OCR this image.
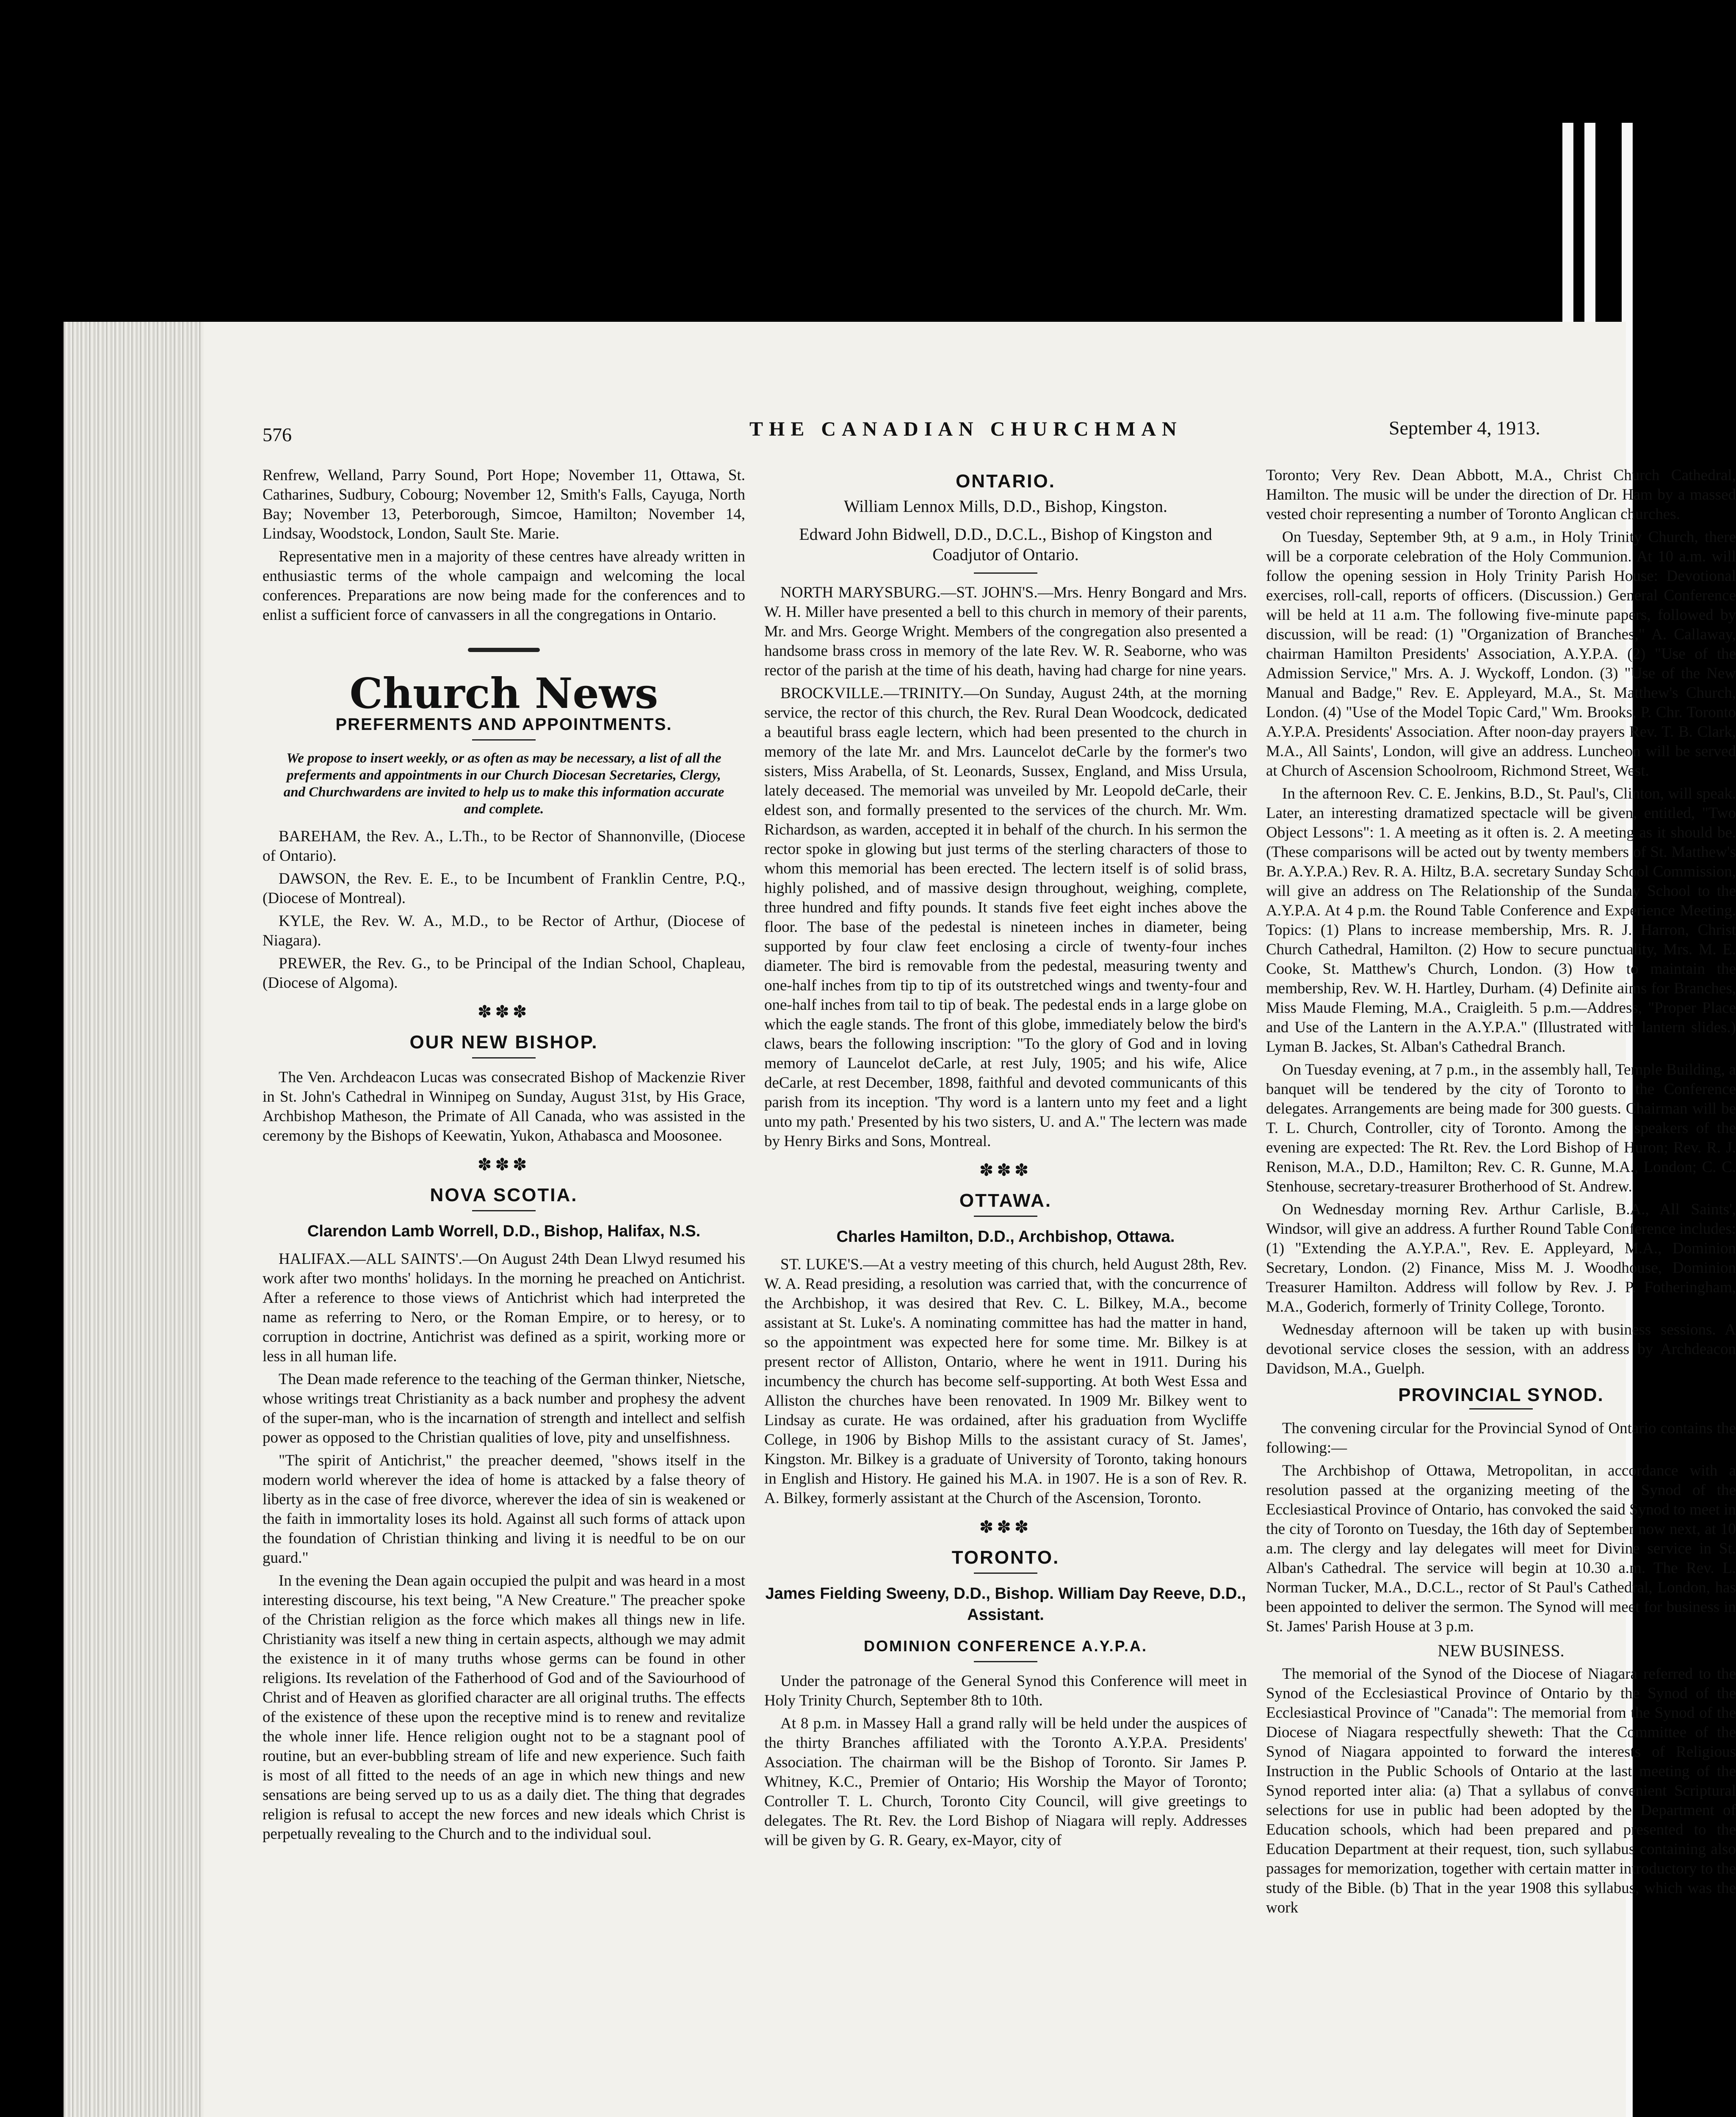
576	THE CANADIAN CHURCHMAN	September 4, 1913.

Renfrew, Welland, Parry Sound, Port Hope; November 11, Ottawa, St. Catharines, Sudbury, Cobourg; November 12, Smith's Falls, Cayuga, North Bay; November 13, Peterborough, Simcoe, Hamilton; November 14, Lindsay, Woodstock, London, Sault Ste. Marie.

Representative men in a majority of these centres have already written in enthusiastic terms of the whole campaign and welcoming the local conferences. Preparations are now being made for the conferences and to enlist a sufficient force of canvassers in all the congregations in Ontario.

Church News
PREFERMENTS AND APPOINTMENTS.
We propose to insert weekly, or as often as may be necessary, a list of all the preferments and appointments in our Church Diocesan Secretaries, Clergy, and Churchwardens are invited to help us to make this information accurate and complete.

BAREHAM, the Rev. A., L.Th., to be Rector of Shannonville, (Diocese of Ontario).

DAWSON, the Rev. E. E., to be Incumbent of Franklin Centre, P.Q., (Diocese of Montreal).

KYLE, the Rev. W. A., M.D., to be Rector of Arthur, (Diocese of Niagara).

PREWER, the Rev. G., to be Principal of the Indian School, Chapleau, (Diocese of Algoma).

✽✽✽
OUR NEW BISHOP.

The Ven. Archdeacon Lucas was consecrated Bishop of Mackenzie River in St. John's Cathedral in Winnipeg on Sunday, August 31st, by His Grace, Archbishop Matheson, the Primate of All Canada, who was assisted in the ceremony by the Bishops of Keewatin, Yukon, Athabasca and Moosonee.

✽✽✽
NOVA SCOTIA.
Clarendon Lamb Worrell, D.D., Bishop, Halifax, N.S.

HALIFAX.—ALL SAINTS'.—On August 24th Dean Llwyd resumed his work after two months' holidays. In the morning he preached on Antichrist. After a reference to those views of Antichrist which had interpreted the name as referring to Nero, or the Roman Empire, or to heresy, or to corruption in doctrine, Antichrist was defined as a spirit, working more or less in all human life.

The Dean made reference to the teaching of the German thinker, Nietsche, whose writings treat Christianity as a back number and prophesy the advent of the super-man, who is the incarnation of strength and intellect and selfish power as opposed to the Christian qualities of love, pity and unselfishness.

"The spirit of Antichrist," the preacher deemed, "shows itself in the modern world wherever the idea of home is attacked by a false theory of liberty as in the case of free divorce, wherever the idea of sin is weakened or the faith in immortality loses its hold. Against all such forms of attack upon the foundation of Christian thinking and living it is needful to be on our guard."

In the evening the Dean again occupied the pulpit and was heard in a most interesting discourse, his text being, "A New Creature." The preacher spoke of the Christian religion as the force which makes all things new in life. Christianity was itself a new thing in certain aspects, although we may admit the existence in it of many truths whose germs can be found in other religions. Its revelation of the Fatherhood of God and of the Saviourhood of Christ and of Heaven as glorified character are all original truths. The effects of the existence of these upon the receptive mind is to renew and revitalize the whole inner life. Hence religion ought not to be a stagnant pool of routine, but an ever-bubbling stream of life and new experience. Such faith is most of all fitted to the needs of an age in which new things and new sensations are being served up to us as a daily diet. The thing that degrades religion is refusal to accept the new forces and new ideals which Christ is perpetually revealing to the Church and to the individual soul.

ONTARIO.
William Lennox Mills, D.D., Bishop, Kingston.
Edward John Bidwell, D.D., D.C.L., Bishop of Kingston and Coadjutor of Ontario.

NORTH MARYSBURG.—ST. JOHN'S.—Mrs. Henry Bongard and Mrs. W. H. Miller have presented a bell to this church in memory of their parents, Mr. and Mrs. George Wright. Members of the congregation also presented a handsome brass cross in memory of the late Rev. W. R. Seaborne, who was rector of the parish at the time of his death, having had charge for nine years.

BROCKVILLE.—TRINITY.—On Sunday, August 24th, at the morning service, the rector of this church, the Rev. Rural Dean Woodcock, dedicated a beautiful brass eagle lectern, which had been presented to the church in memory of the late Mr. and Mrs. Launcelot deCarle by the former's two sisters, Miss Arabella, of St. Leonards, Sussex, England, and Miss Ursula, lately deceased. The memorial was unveiled by Mr. Leopold deCarle, their eldest son, and formally presented to the services of the church. Mr. Wm. Richardson, as warden, accepted it in behalf of the church. In his sermon the rector spoke in glowing but just terms of the sterling characters of those to whom this memorial has been erected. The lectern itself is of solid brass, highly polished, and of massive design throughout, weighing, complete, three hundred and fifty pounds. It stands five feet eight inches above the floor. The base of the pedestal is nineteen inches in diameter, being supported by four claw feet enclosing a circle of twenty-four inches diameter. The bird is removable from the pedestal, measuring twenty and one-half inches from tip to tip of its outstretched wings and twenty-four and one-half inches from tail to tip of beak. The pedestal ends in a large globe on which the eagle stands. The front of this globe, immediately below the bird's claws, bears the following inscription: "To the glory of God and in loving memory of Launcelot deCarle, at rest July, 1905; and his wife, Alice deCarle, at rest December, 1898, faithful and devoted communicants of this parish from its inception. 'Thy word is a lantern unto my feet and a light unto my path.' Presented by his two sisters, U. and A." The lectern was made by Henry Birks and Sons, Montreal.

✽✽✽
OTTAWA.
Charles Hamilton, D.D., Archbishop, Ottawa.

ST. LUKE'S.—At a vestry meeting of this church, held August 28th, Rev. W. A. Read presiding, a resolution was carried that, with the concurrence of the Archbishop, it was desired that Rev. C. L. Bilkey, M.A., become assistant at St. Luke's. A nominating committee has had the matter in hand, so the appointment was expected here for some time. Mr. Bilkey is at present rector of Alliston, Ontario, where he went in 1911. During his incumbency the church has become self-supporting. At both West Essa and Alliston the churches have been renovated. In 1909 Mr. Bilkey went to Lindsay as curate. He was ordained, after his graduation from Wycliffe College, in 1906 by Bishop Mills to the assistant curacy of St. James', Kingston. Mr. Bilkey is a graduate of University of Toronto, taking honours in English and History. He gained his M.A. in 1907. He is a son of Rev. R. A. Bilkey, formerly assistant at the Church of the Ascension, Toronto.

✽✽✽
TORONTO.
James Fielding Sweeny, D.D., Bishop. William Day Reeve, D.D., Assistant.
DOMINION CONFERENCE A.Y.P.A.

Under the patronage of the General Synod this Conference will meet in Holy Trinity Church, September 8th to 10th.

At 8 p.m. in Massey Hall a grand rally will be held under the auspices of the thirty Branches affiliated with the Toronto A.Y.P.A. Presidents' Association. The chairman will be the Bishop of Toronto. Sir James P. Whitney, K.C., Premier of Ontario; His Worship the Mayor of Toronto; Controller T. L. Church, Toronto City Council, will give greetings to delegates. The Rt. Rev. the Lord Bishop of Niagara will reply. Addresses will be given by G. R. Geary, ex-Mayor, city of

Toronto; Very Rev. Dean Abbott, M.A., Christ Church Cathedral, Hamilton. The music will be under the direction of Dr. Ham by a massed vested choir representing a number of Toronto Anglican churches.

On Tuesday, September 9th, at 9 a.m., in Holy Trinity Church, there will be a corporate celebration of the Holy Communion. At 10 a.m. will follow the opening session in Holy Trinity Parish House: Devotional exercises, roll-call, reports of officers. (Discussion.) General Conference will be held at 11 a.m. The following five-minute papers, followed by discussion, will be read: (1) "Organization of Branches," A. Callaway, chairman Hamilton Presidents' Association, A.Y.P.A. (2) "Use of the Admission Service," Mrs. A. J. Wyckoff, London. (3) "Use of the New Manual and Badge," Rev. E. Appleyard, M.A., St. Matthew's Church, London. (4) "Use of the Model Topic Card," Wm. Brooks, P. Chr. Toronto A.Y.P.A. Presidents' Association. After noon-day prayers Rev. T. B. Clark, M.A., All Saints', London, will give an address. Luncheon will be served at Church of Ascension Schoolroom, Richmond Street, West.

In the afternoon Rev. C. E. Jenkins, B.D., St. Paul's, Clinton, will speak. Later, an interesting dramatized spectacle will be given, entitled, "Two Object Lessons": 1. A meeting as it often is. 2. A meeting as it should be. (These comparisons will be acted out by twenty members of St. Matthew's Br. A.Y.P.A.) Rev. R. A. Hiltz, B.A. secretary Sunday School Commission, will give an address on The Relationship of the Sunday School to the A.Y.P.A. At 4 p.m. the Round Table Conference and Experience Meeting. Topics: (1) Plans to increase membership, Mrs. R. J. Harron, Christ Church Cathedral, Hamilton. (2) How to secure punctuality, Mrs. M. E. Cooke, St. Matthew's Church, London. (3) How to maintain the membership, Rev. W. H. Hartley, Durham. (4) Definite aims for Branches, Miss Maude Fleming, M.A., Craigleith. 5 p.m.—Address, "Proper Place and Use of the Lantern in the A.Y.P.A." (Illustrated with lantern slides.) Lyman B. Jackes, St. Alban's Cathedral Branch.

On Tuesday evening, at 7 p.m., in the assembly hall, Temple Building, a banquet will be tendered by the city of Toronto to the Conference delegates. Arrangements are being made for 300 guests. Chairman will be T. L. Church, Controller, city of Toronto. Among the speakers of the evening are expected: The Rt. Rev. the Lord Bishop of Huron; Rev. R. J. Renison, M.A., D.D., Hamilton; Rev. C. R. Gunne, M.A., London; C. C. Stenhouse, secretary-treasurer Brotherhood of St. Andrew.

On Wednesday morning Rev. Arthur Carlisle, B.A., All Saints', Windsor, will give an address. A further Round Table Conference includes: (1) "Extending the A.Y.P.A.", Rev. E. Appleyard, M.A., Dominion Secretary, London. (2) Finance, Miss M. J. Woodhouse, Dominion Treasurer Hamilton. Address will follow by Rev. J. P. Fotheringham, M.A., Goderich, formerly of Trinity College, Toronto.

Wednesday afternoon will be taken up with business sessions. A devotional service closes the session, with an address by Archdeacon Davidson, M.A., Guelph.

PROVINCIAL SYNOD.

The convening circular for the Provincial Synod of Ontario contains the following:—

The Archbishop of Ottawa, Metropolitan, in accordance with a resolution passed at the organizing meeting of the Synod of the Ecclesiastical Province of Ontario, has convoked the said Synod to meet in the city of Toronto on Tuesday, the 16th day of September now next, at 10 a.m. The clergy and lay delegates will meet for Divine service in St. Alban's Cathedral. The service will begin at 10.30 a.m. The Rev. L. Norman Tucker, M.A., D.C.L., rector of St Paul's Cathedral, London, has been appointed to deliver the sermon. The Synod will meet for business in St. James' Parish House at 3 p.m.

NEW BUSINESS.

The memorial of the Synod of the Diocese of Niagara referred to the Synod of the Ecclesiastical Province of Ontario by the Synod of the Ecclesiastical Province of "Canada": The memorial from the Synod of the Diocese of Niagara respectfully sheweth: That the Committee of the Synod of Niagara appointed to forward the interests of Religious Instruction in the Public Schools of Ontario at the last meeting of the Synod reported inter alia: (a) That a syllabus of convenient Scriptural selections for use in public had been adopted by the Department of Education schools, which had been prepared and presented to the Education Department at their request, tion, such syllabus containing also passages for memorization, together with certain matter introductory to the study of the Bible. (b) That in the year 1908 this syllabus, which was the work
